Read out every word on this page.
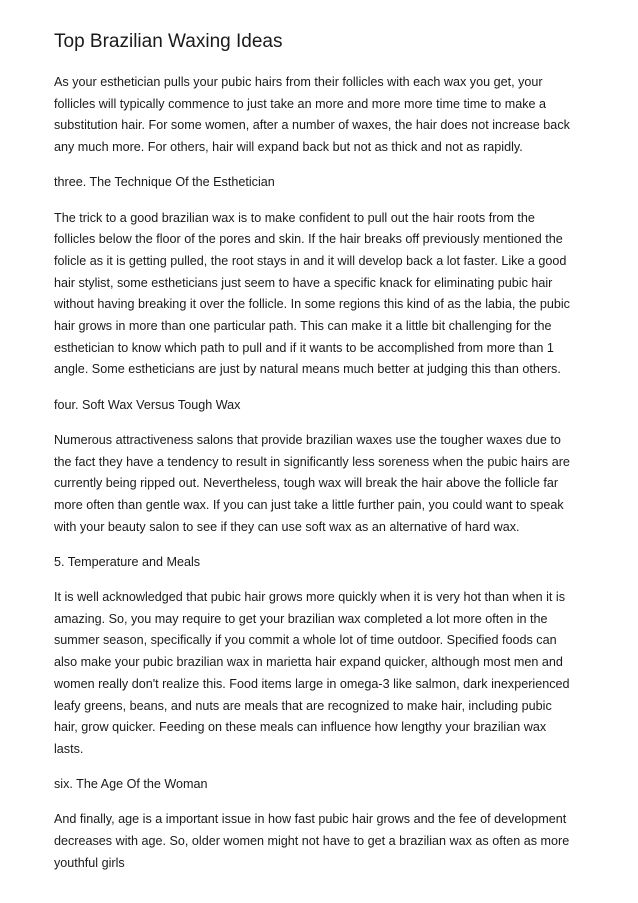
Top Brazilian Waxing Ideas

As your esthetician pulls your pubic hairs from their follicles with each wax you get, your
follicles will typically commence to just take an more and more more time time to make a
substitution hair. For some women, after a number of waxes, the hair does not increase back
any much more. For others, hair will expand back but not as thick and not as rapidly.

three. The Technique Of the Esthetician

The trick to a good brazilian wax is to make confident to pull out the hair roots from the
follicles below the floor of the pores and skin. If the hair breaks off previously mentioned the
folicle as it is getting pulled, the root stays in and it will develop back a lot faster. Like a good
hair stylist, some estheticians just seem to have a specific knack for eliminating pubic hair
without having breaking it over the follicle. In some regions this kind of as the labia, the pubic
hair grows in more than one particular path. This can make it a little bit challenging for the
esthetician to know which path to pull and if it wants to be accomplished from more than 1
angle. Some estheticians are just by natural means much better at judging this than others.

four. Soft Wax Versus Tough Wax

Numerous attractiveness salons that provide brazilian waxes use the tougher waxes due to
the fact they have a tendency to result in significantly less soreness when the pubic hairs are
currently being ripped out. Nevertheless, tough wax will break the hair above the follicle far
more often than gentle wax. If you can just take a little further pain, you could want to speak
with your beauty salon to see if they can use soft wax as an alternative of hard wax.

5. Temperature and Meals

It is well acknowledged that pubic hair grows more quickly when it is very hot than when it is
amazing. So, you may require to get your brazilian wax completed a lot more often in the
summer season, specifically if you commit a whole lot of time outdoor. Specified foods can
also make your pubic brazilian wax in marietta hair expand quicker, although most men and
women really don't realize this. Food items large in omega-3 like salmon, dark inexperienced
leafy greens, beans, and nuts are meals that are recognized to make hair, including pubic
hair, grow quicker. Feeding on these meals can influence how lengthy your brazilian wax
lasts.

six. The Age Of the Woman

And finally, age is a important issue in how fast pubic hair grows and the fee of development
decreases with age. So, older women might not have to get a brazilian wax as often as more
youthful girls
